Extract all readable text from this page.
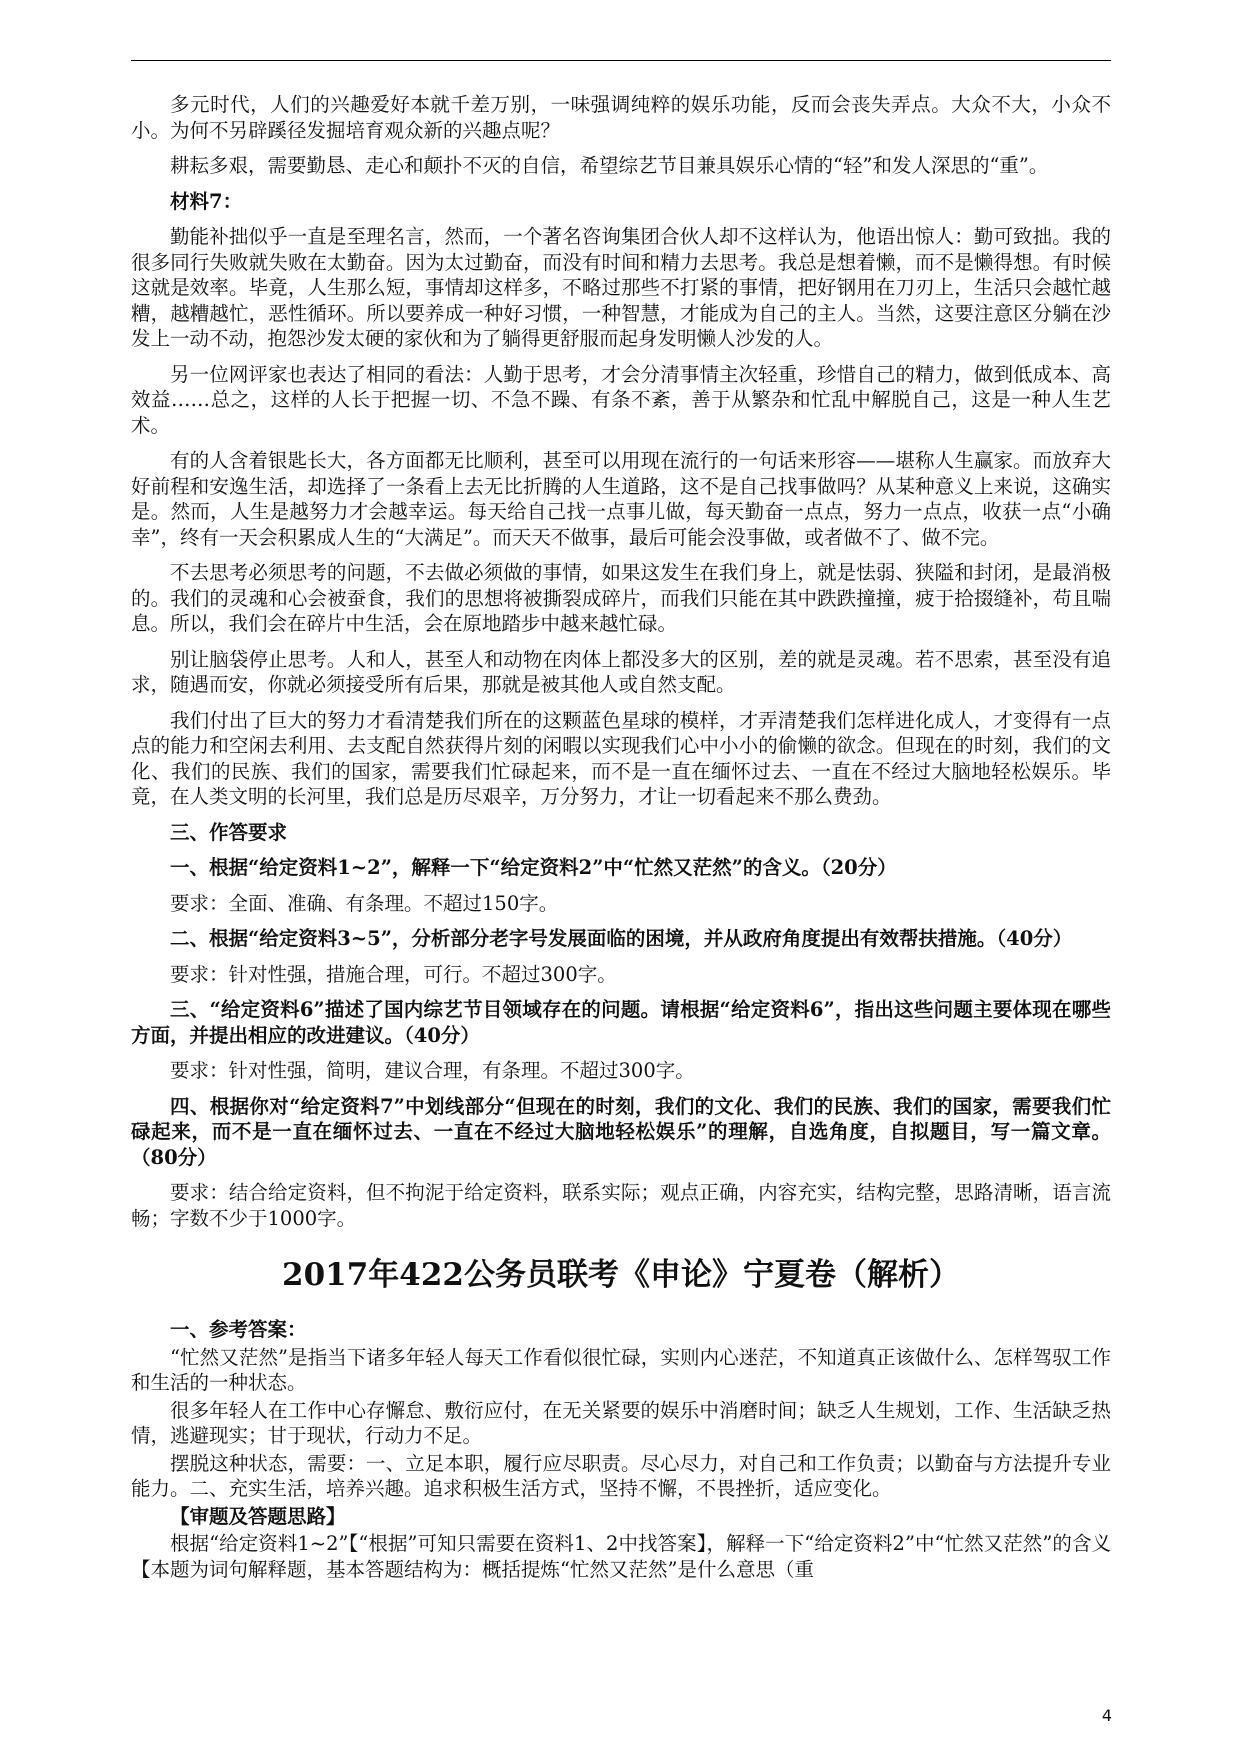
多元时代，人们的兴趣爱好本就千差万别，一味强调纯粹的娱乐功能，反而会丧失弄点。大众不大，小众不小。为何不另辟蹊径发掘培育观众新的兴趣点呢？

耕耘多艰，需要勤恳、走心和颠扑不灭的自信，希望综艺节目兼具娱乐心情的“轻”和发人深思的“重”。

材料7：

勤能补拙似乎一直是至理名言，然而，一个著名咨询集团合伙人却不这样认为，他语出惊人：勤可致拙。我的很多同行失败就失败在太勤奋。因为太过勤奋，而没有时间和精力去思考。我总是想着懒，而不是懒得想。有时候这就是效率。毕竟，人生那么短，事情却这样多，不略过那些不打紧的事情，把好钢用在刀刃上，生活只会越忙越糟，越糟越忙，恶性循环。所以要养成一种好习惯，一种智慧，才能成为自己的主人。当然，这要注意区分躺在沙发上一动不动，抱怨沙发太硬的家伙和为了躺得更舒服而起身发明懒人沙发的人。

另一位网评家也表达了相同的看法：人勤于思考，才会分清事情主次轻重，珍惜自己的精力，做到低成本、高效益……总之，这样的人长于把握一切、不急不躁、有条不紊，善于从繁杂和忙乱中解脱自己，这是一种人生艺术。

有的人含着银匙长大，各方面都无比顺利，甚至可以用现在流行的一句话来形容——堪称人生赢家。而放弃大好前程和安逸生活，却选择了一条看上去无比折腾的人生道路，这不是自己找事做吗？从某种意义上来说，这确实是。然而，人生是越努力才会越幸运。每天给自己找一点事儿做，每天勤奋一点点，努力一点点，收获一点“小确幸”，终有一天会积累成人生的“大满足”。而天天不做事，最后可能会没事做，或者做不了、做不完。

不去思考必须思考的问题，不去做必须做的事情，如果这发生在我们身上，就是怯弱、狭隘和封闭，是最消极的。我们的灵魂和心会被蚕食，我们的思想将被撕裂成碎片，而我们只能在其中跌跌撞撞，疲于拾掇缝补，苟且喘息。所以，我们会在碎片中生活，会在原地踏步中越来越忙碌。

别让脑袋停止思考。人和人，甚至人和动物在肉体上都没多大的区别，差的就是灵魂。若不思索，甚至没有追求，随遇而安，你就必须接受所有后果，那就是被其他人或自然支配。

我们付出了巨大的努力才看清楚我们所在的这颗蓝色星球的模样，才弄清楚我们怎样进化成人，才变得有一点点的能力和空闲去利用、去支配自然获得片刻的闲暇以实现我们心中小小的偷懒的欲念。但现在的时刻，我们的文化、我们的民族、我们的国家，需要我们忙碌起来，而不是一直在缅怀过去、一直在不经过大脑地轻松娱乐。毕竟，在人类文明的长河里，我们总是历尽艰辛，万分努力，才让一切看起来不那么费劲。

三、作答要求

一、根据“给定资料1~2”，解释一下“给定资料2”中“忙然又茫然”的含义。（20分）

要求：全面、准确、有条理。不超过150字。

二、根据“给定资料3~5”，分析部分老字号发展面临的困境，并从政府角度提出有效帮扶措施。（40分）

要求：针对性强，措施合理，可行。不超过300字。

三、“给定资料6”描述了国内综艺节目领域存在的问题。请根据“给定资料6”，指出这些问题主要体现在哪些方面，并提出相应的改进建议。（40分）

要求：针对性强，简明，建议合理，有条理。不超过300字。

四、根据你对“给定资料7”中划线部分“但现在的时刻，我们的文化、我们的民族、我们的国家，需要我们忙碌起来，而不是一直在缅怀过去、一直在不经过大脑地轻松娱乐”的理解，自选角度，自拟题目，写一篇文章。（80分）

要求：结合给定资料，但不拘泥于给定资料，联系实际；观点正确，内容充实，结构完整，思路清晰，语言流畅；字数不少于1000字。

2017年422公务员联考《申论》宁夏卷（解析）

一、参考答案：

“忙然又茫然”是指当下诸多年轻人每天工作看似很忙碌，实则内心迷茫，不知道真正该做什么、怎样驾驭工作和生活的一种状态。

很多年轻人在工作中心存懈怠、敷衍应付，在无关紧要的娱乐中消磨时间；缺乏人生规划，工作、生活缺乏热情，逃避现实；甘于现状，行动力不足。

摆脱这种状态，需要：一、立足本职，履行应尽职责。尽心尽力，对自己和工作负责；以勤奋与方法提升专业能力。二、充实生活，培养兴趣。追求积极生活方式，坚持不懈，不畏挫折，适应变化。

【审题及答题思路】

根据“给定资料1~2”【“根据”可知只需要在资料1、2中找答案】，解释一下“给定资料2”中“忙然又茫然”的含义【本题为词句解释题，基本答题结构为：概括提炼“忙然又茫然”是什么意思（重

4
